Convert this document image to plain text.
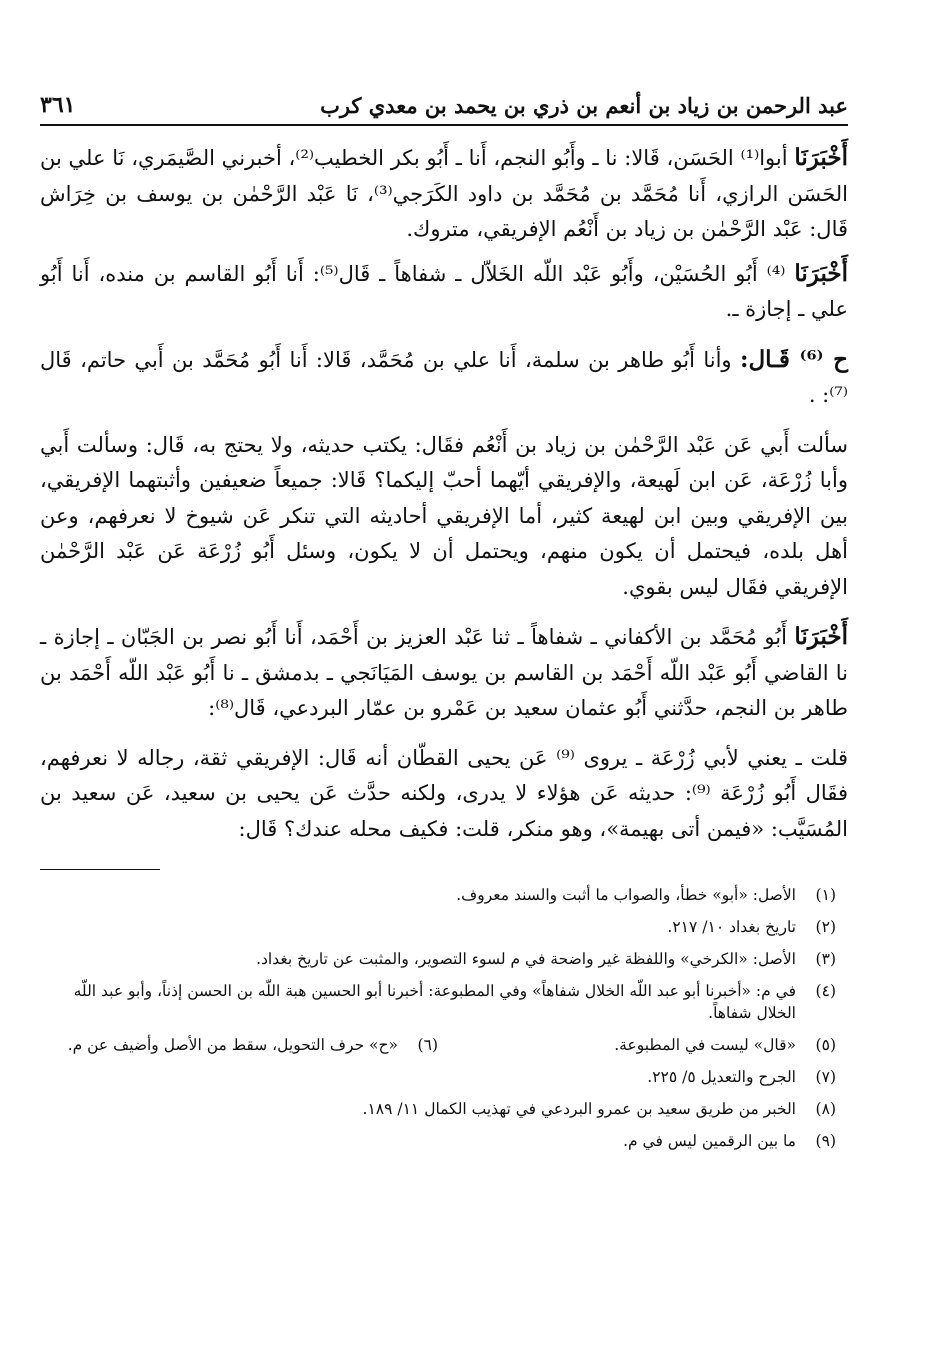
عبد الرحمن بن زياد بن أنعم بن ذري بن يحمد بن معدي كرب
٣٦١

أَخْبَرَنَا أبوا⁽¹⁾ الحَسَن، قَالا: نا ـ وأَبُو النجم، أَنا ـ أَبُو بكر الخطيب⁽²⁾، أخبرني الصَّيمَري، نَا علي بن الحَسَن الرازي، أَنا مُحَمَّد بن مُحَمَّد بن داود الكَرَجي⁽³⁾، نَا عَبْد الرَّحْمٰن بن يوسف بن خِرَاش قَال: عَبْد الرَّحْمٰن بن زياد بن أَنْعُم الإفريقي، متروك.

أَخْبَرَنَا ⁽⁴⁾ أَبُو الحُسَيْن، وأَبُو عَبْد اللّه الخَلاّل ـ شفاهاً ـ قَال⁽⁵⁾: أَنا أَبُو القاسم بن منده، أَنا أَبُو علي ـ إجازة ـ.

ح ⁽⁶⁾ قَـال: وأنا أَبُو طاهر بن سلمة، أَنا علي بن مُحَمَّد، قَالا: أَنا أَبُو مُحَمَّد بن أَبي حاتم، قَال ⁽⁷⁾: .

سألت أَبي عَن عَبْد الرَّحْمٰن بن زياد بن أَنْعُم فقَال: يكتب حديثه، ولا يحتج به، قَال: وسألت أَبي وأبا زُرْعَة، عَن ابن لَهيعة، والإفريقي أيّهما أحبّ إليكما؟ قَالا: جميعاً ضعيفين وأثبتهما الإفريقي، بين الإفريقي وبين ابن لهيعة كثير، أما الإفريقي أحاديثه التي تنكر عَن شيوخ لا نعرفهم، وعن أهل بلده، فيحتمل أن يكون منهم، ويحتمل أن لا يكون، وسئل أَبُو زُرْعَة عَن عَبْد الرَّحْمٰن الإفريقي فقَال ليس بقوي.

أَخْبَرَنَا أَبُو مُحَمَّد بن الأكفاني ـ شفاهاً ـ ثنا عَبْد العزيز بن أَحْمَد، أَنا أَبُو نصر بن الجَبّان ـ إجازة ـ نا القاضي أَبُو عَبْد اللّه أَحْمَد بن القاسم بن يوسف المَيَانَجي ـ بدمشق ـ نا أَبُو عَبْد اللّه أَحْمَد بن طاهر بن النجم، حدَّثني أَبُو عثمان سعيد بن عَمْرو بن عمّار البردعي، قَال⁽⁸⁾:

قلت ـ يعني لأبي زُرْعَة ـ يروى ⁽⁹⁾ عَن يحيى القطّان أنه قَال: الإفريقي ثقة، رجاله لا نعرفهم، فقَال أَبُو زُرْعَة ⁽⁹⁾: حديثه عَن هؤلاء لا يدرى، ولكنه حدَّث عَن يحيى بن سعيد، عَن سعيد بن المُسَيَّب: «فيمن أتى بهيمة»، وهو منكر، قلت: فكيف محله عندك؟ قَال:

(١)
الأصل: «أبو» خطأ، والصواب ما أثبت والسند معروف.
(٢)
تاريخ بغداد ١٠/ ٢١٧.
(٣)
الأصل: «الكرخي» واللفظة غير واضحة في م لسوء التصوير، والمثبت عن تاريخ بغداد.
(٤)
في م: «أخبرنا أبو عبد اللّه الخلال شفاهاً» وفي المطبوعة: أخبرنا أبو الحسين هبة اللّه بن الحسن إذناً، وأبو عبد اللّه الخلال شفاهاً.
(٥)
«قال» ليست في المطبوعة.
(٦)
«ح» حرف التحويل، سقط من الأصل وأضيف عن م.
(٧)
الجرح والتعديل ٥/ ٢٢٥.
(٨)
الخبر من طريق سعيد بن عمرو البردعي في تهذيب الكمال ١١/ ١٨٩.
(٩)
ما بين الرقمين ليس في م.
